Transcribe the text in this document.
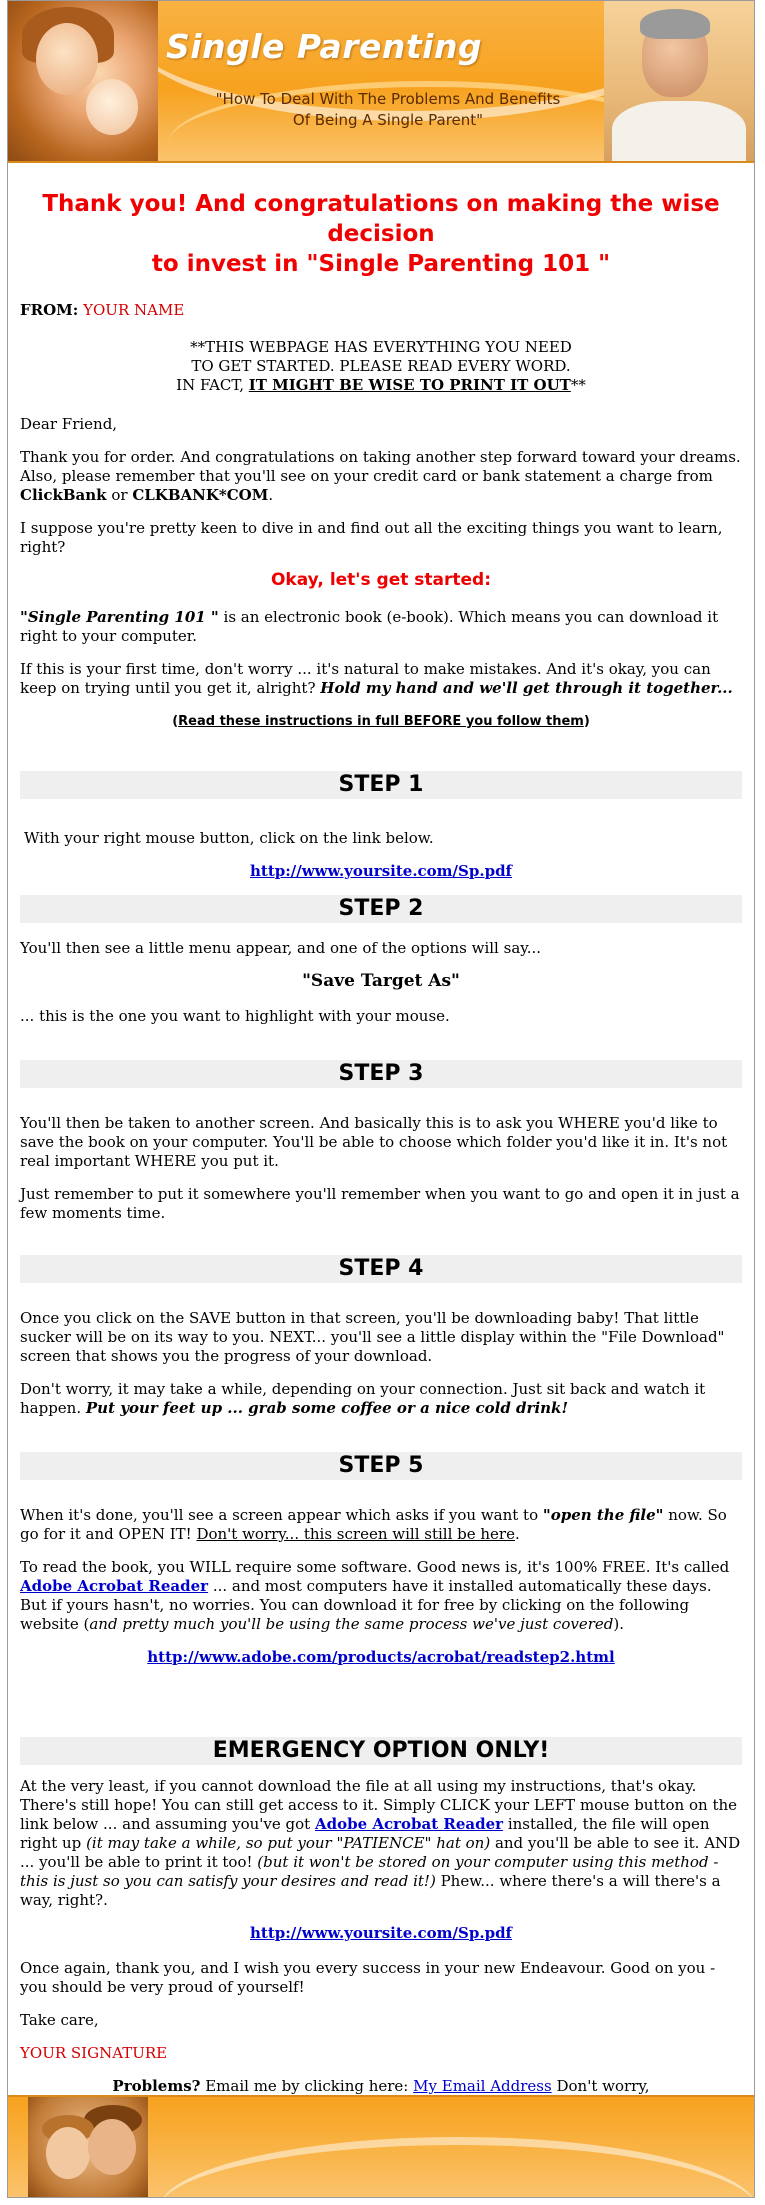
Single Parenting
"How To Deal With The Problems And Benefits
Of Being A Single Parent"
Thank you! And congratulations on making the wise decision
to invest in "Single Parenting 101 "

FROM: YOUR NAME

**THIS WEBPAGE HAS EVERYTHING YOU NEED
TO GET STARTED. PLEASE READ EVERY WORD.
IN FACT, IT MIGHT BE WISE TO PRINT IT OUT**

Dear Friend,

Thank you for order. And congratulations on taking another step forward toward your dreams. Also, please remember that you'll see on your credit card or bank statement a charge from ClickBank or CLKBANK*COM.

I suppose you're pretty keen to dive in and find out all the exciting things you want to learn, right?

Okay, let's get started:

"Single Parenting 101 " is an electronic book (e-book). Which means you can download it right to your computer.

If this is your first time, don't worry ... it's natural to make mistakes. And it's okay, you can keep on trying until you get it, alright? Hold my hand and we'll get through it together...

(Read these instructions in full BEFORE you follow them)

STEP 1

With your right mouse button, click on the link below.

http://www.yoursite.com/Sp.pdf

STEP 2

You'll then see a little menu appear, and one of the options will say...

"Save Target As"

... this is the one you want to highlight with your mouse.

STEP 3

You'll then be taken to another screen. And basically this is to ask you WHERE you'd like to save the book on your computer. You'll be able to choose which folder you'd like it in. It's not real important WHERE you put it.

Just remember to put it somewhere you'll remember when you want to go and open it in just a few moments time.

STEP 4

Once you click on the SAVE button in that screen, you'll be downloading baby! That little sucker will be on its way to you. NEXT... you'll see a little display within the "File Download" screen that shows you the progress of your download.

Don't worry, it may take a while, depending on your connection. Just sit back and watch it happen. Put your feet up ... grab some coffee or a nice cold drink!

STEP 5

When it's done, you'll see a screen appear which asks if you want to "open the file" now. So go for it and OPEN IT! Don't worry... this screen will still be here.

To read the book, you WILL require some software. Good news is, it's 100% FREE. It's called Adobe Acrobat Reader ... and most computers have it installed automatically these days. But if yours hasn't, no worries. You can download it for free by clicking on the following website (and pretty much you'll be using the same process we've just covered).

http://www.adobe.com/products/acrobat/readstep2.html

EMERGENCY OPTION ONLY!

At the very least, if you cannot download the file at all using my instructions, that's okay. There's still hope! You can still get access to it. Simply CLICK your LEFT mouse button on the link below ... and assuming you've got Adobe Acrobat Reader installed, the file will open right up (it may take a while, so put your "PATIENCE" hat on) and you'll be able to see it. AND ... you'll be able to print it too! (but it won't be stored on your computer using this method - this is just so you can satisfy your desires and read it!) Phew... where there's a will there's a way, right?.

http://www.yoursite.com/Sp.pdf

Once again, thank you, and I wish you every success in your new Endeavour. Good on you - you should be very proud of yourself!

Take care,

YOUR SIGNATURE

Problems? Email me by clicking here: My Email Address Don't worry,
